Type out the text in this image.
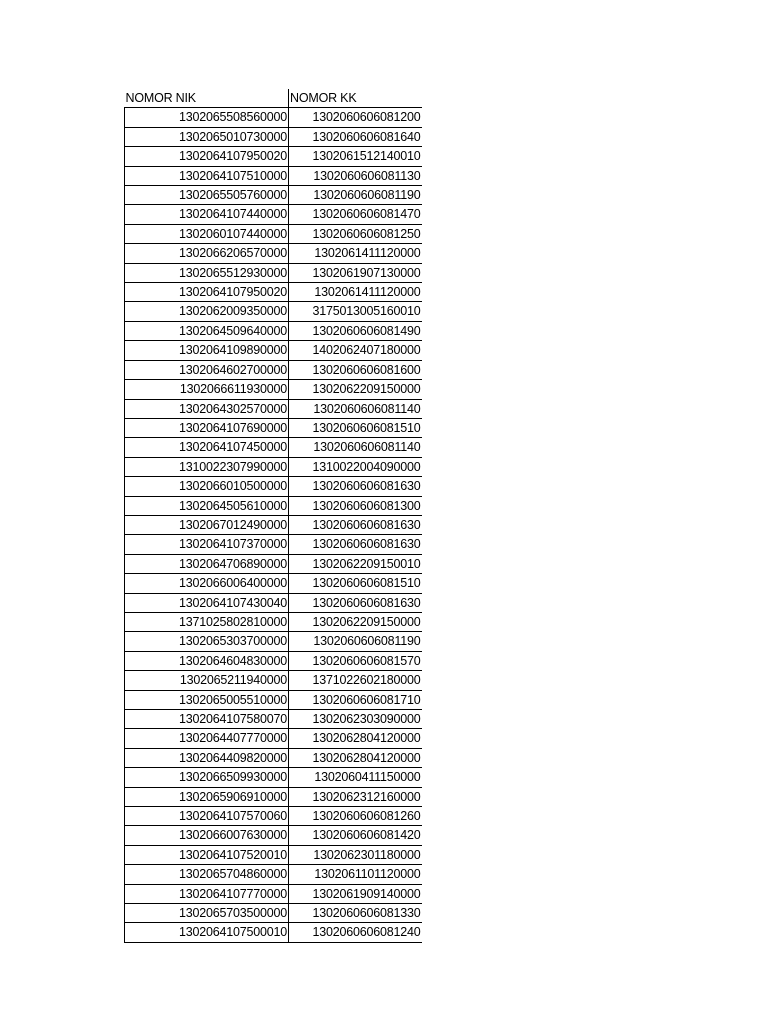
NOMOR NIK	NOMOR KK
1302065508560000	1302060606081200
1302065010730000	1302060606081640
1302064107950020	1302061512140010
1302064107510000	1302060606081130
1302065505760000	1302060606081190
1302064107440000	1302060606081470
1302060107440000	1302060606081250
1302066206570000	1302061411120000
1302065512930000	1302061907130000
1302064107950020	1302061411120000
1302062009350000	3175013005160010
1302064509640000	1302060606081490
1302064109890000	1402062407180000
1302064602700000	1302060606081600
1302066611930000	1302062209150000
1302064302570000	1302060606081140
1302064107690000	1302060606081510
1302064107450000	1302060606081140
1310022307990000	1310022004090000
1302066010500000	1302060606081630
1302064505610000	1302060606081300
1302067012490000	1302060606081630
1302064107370000	1302060606081630
1302064706890000	1302062209150010
1302066006400000	1302060606081510
1302064107430040	1302060606081630
1371025802810000	1302062209150000
1302065303700000	1302060606081190
1302064604830000	1302060606081570
1302065211940000	1371022602180000
1302065005510000	1302060606081710
1302064107580070	1302062303090000
1302064407770000	1302062804120000
1302064409820000	1302062804120000
1302066509930000	1302060411150000
1302065906910000	1302062312160000
1302064107570060	1302060606081260
1302066007630000	1302060606081420
1302064107520010	1302062301180000
1302065704860000	1302061101120000
1302064107770000	1302061909140000
1302065703500000	1302060606081330
1302064107500010	1302060606081240
